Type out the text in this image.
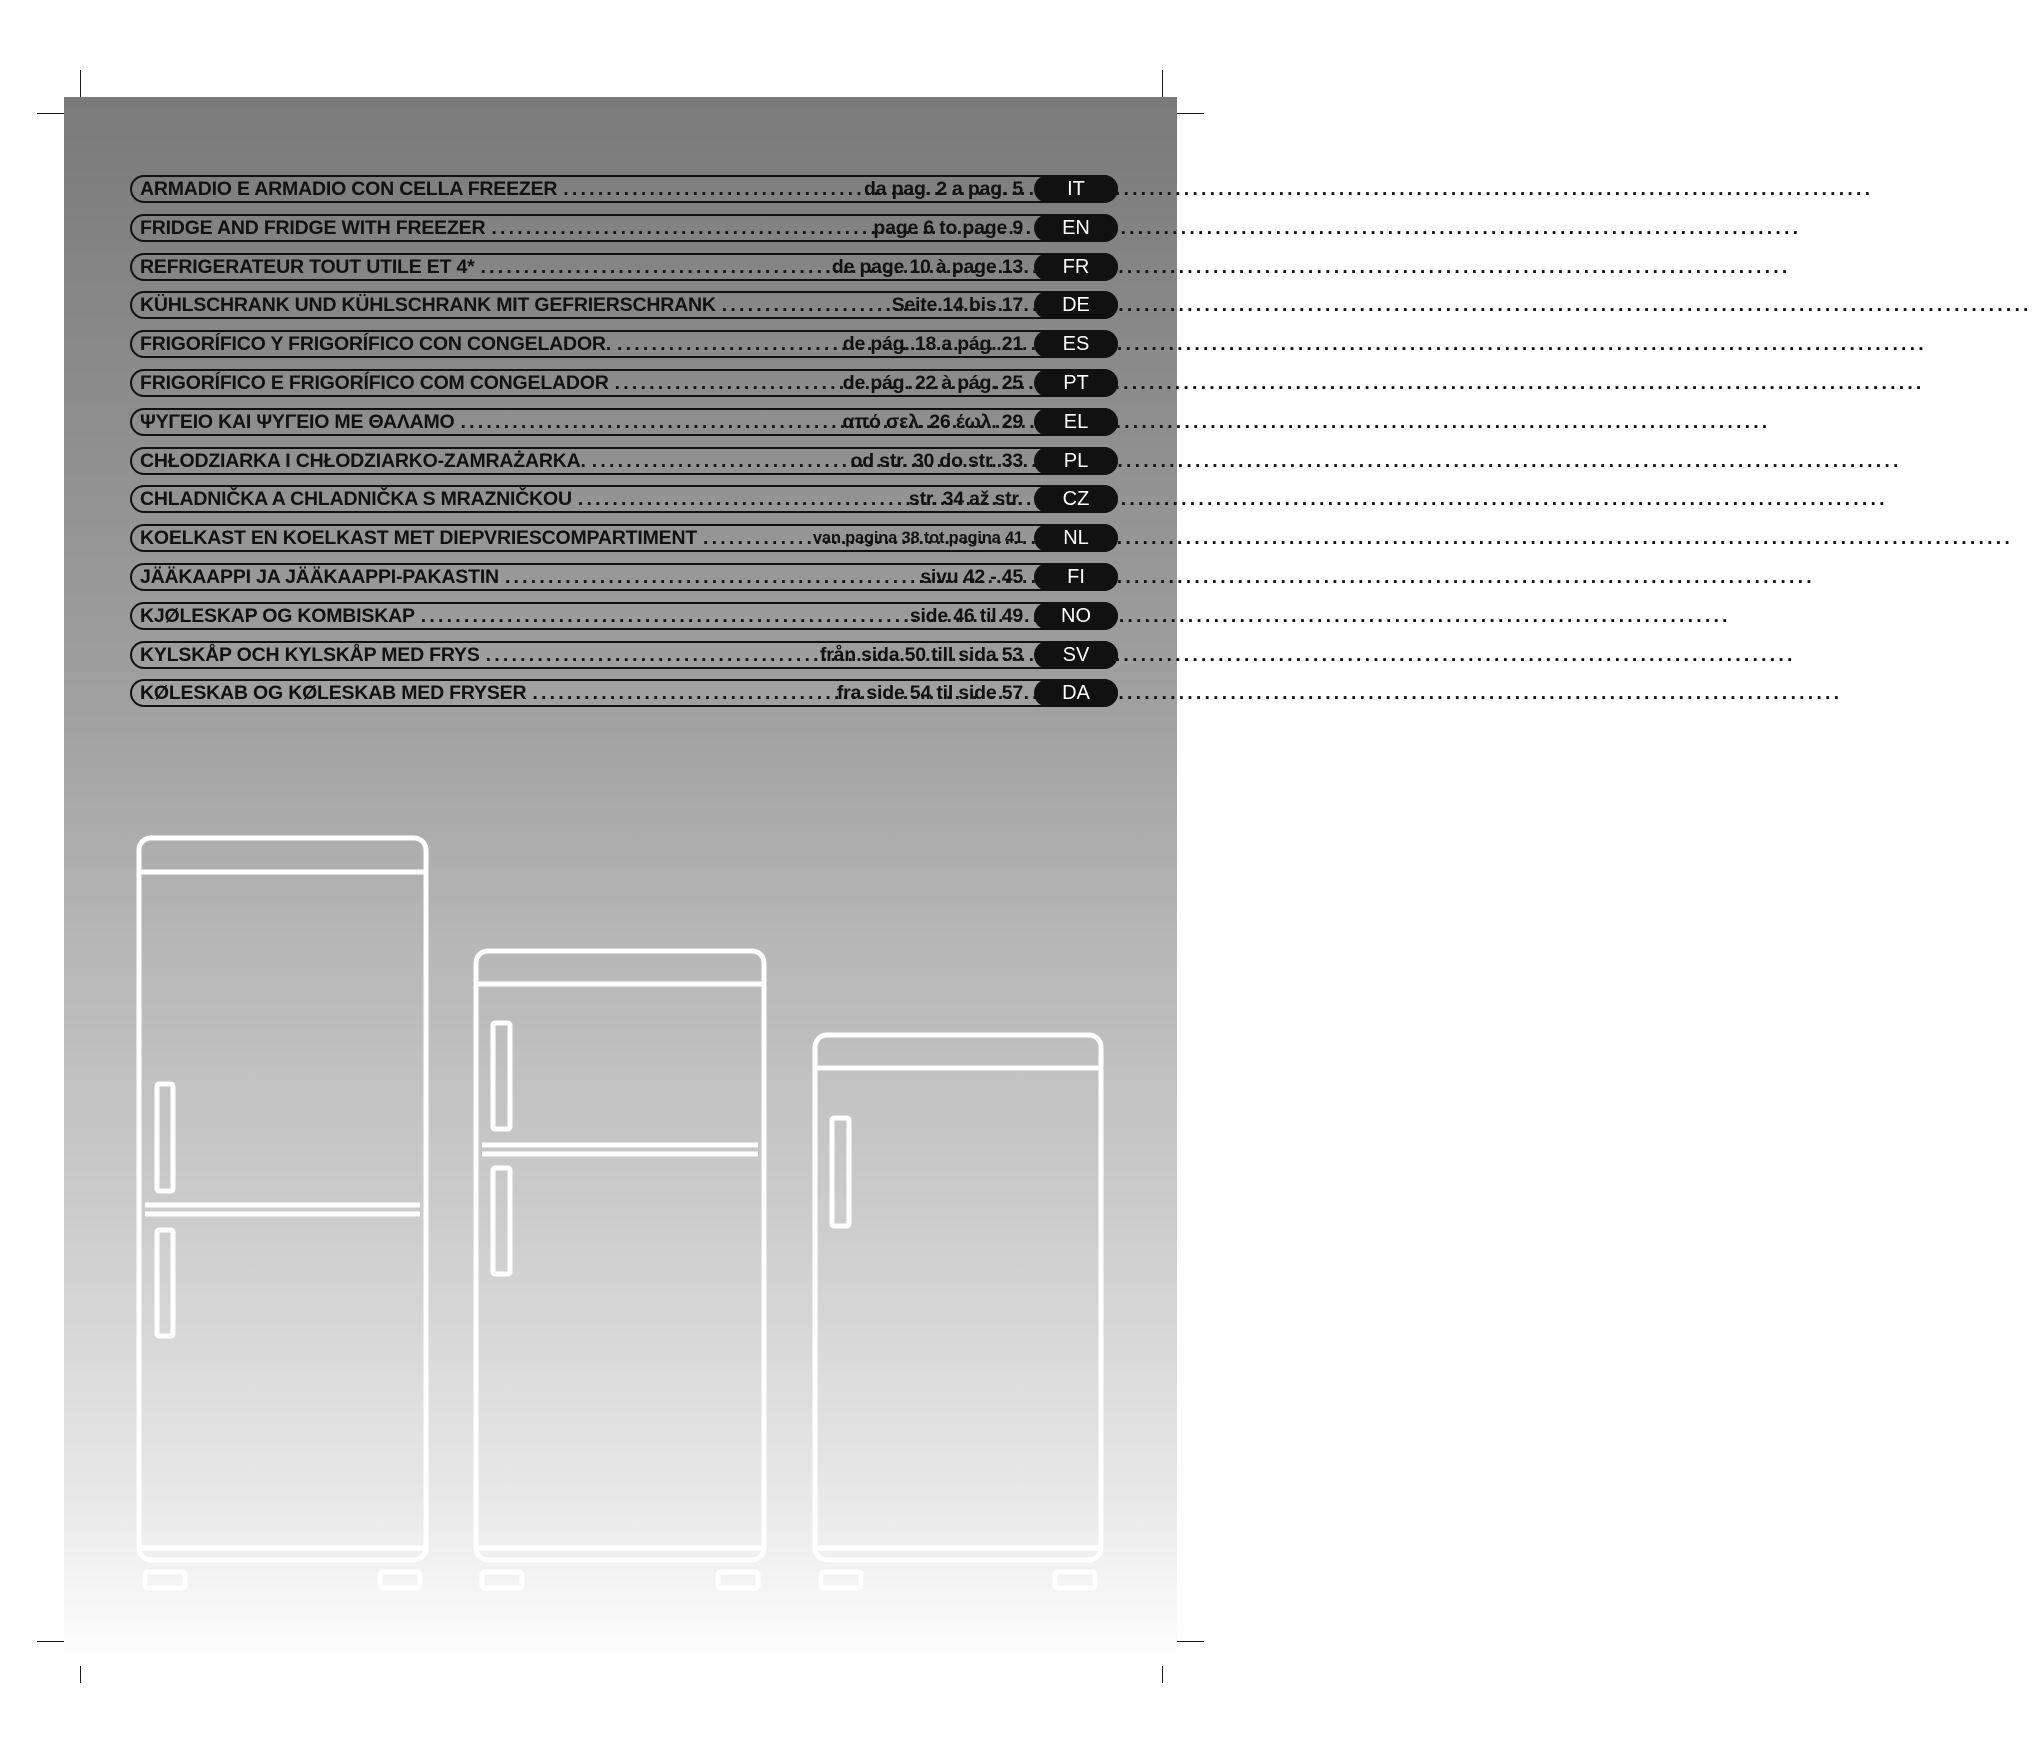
ARMADIO E ARMADIO CON CELLA FREEZER .....	da pag. 2 a pag. 5	IT
FRIDGE AND FRIDGE WITH FREEZER .....	page 6 to page 9	EN
REFRIGERATEUR TOUT UTILE ET 4* .....	de page 10 à page 13	FR
KÜHLSCHRANK UND KÜHLSCHRANK MIT GEFRIERSCHRANK .....	Seite 14 bis 17	DE
FRIGORÍFICO Y FRIGORÍFICO CON CONGELADOR. .....	de pág. 18 a pág. 21	ES
FRIGORÍFICO E FRIGORÍFICO COM CONGELADOR .....	de pág. 22 à pág. 25	PT
ΨΥΓΕΙΟ ΚΑΙ ΨΥΓΕΙΟ ΜΕ ΘΑΛΑΜΟ .....	από σελ. 26 έωλ. 29	EL
CHŁODZIARKA I CHŁODZIARKO-ZAMRAŻARKA. .....	od str. 30 do str. 33	PL
CHLADNIČKA A CHLADNIČKA S MRAZNIČKOU .....	str. 34 až str.	CZ
KOELKAST EN KOELKAST MET DIEPVRIESCOMPARTIMENT .....	van pagina 38 tot pagina 41	NL
JÄÄKAAPPI JA JÄÄKAAPPI-PAKASTIN .....	sivu 42 - 45	FI
KJØLESKAP OG KOMBISKAP .....	side 46 til 49	NO
KYLSKÅP OCH KYLSKÅP MED FRYS .....	från sida 50 till sida 53	SV
KØLESKAB OG KØLESKAB MED FRYSER .....	fra side 54 til side 57	DA
